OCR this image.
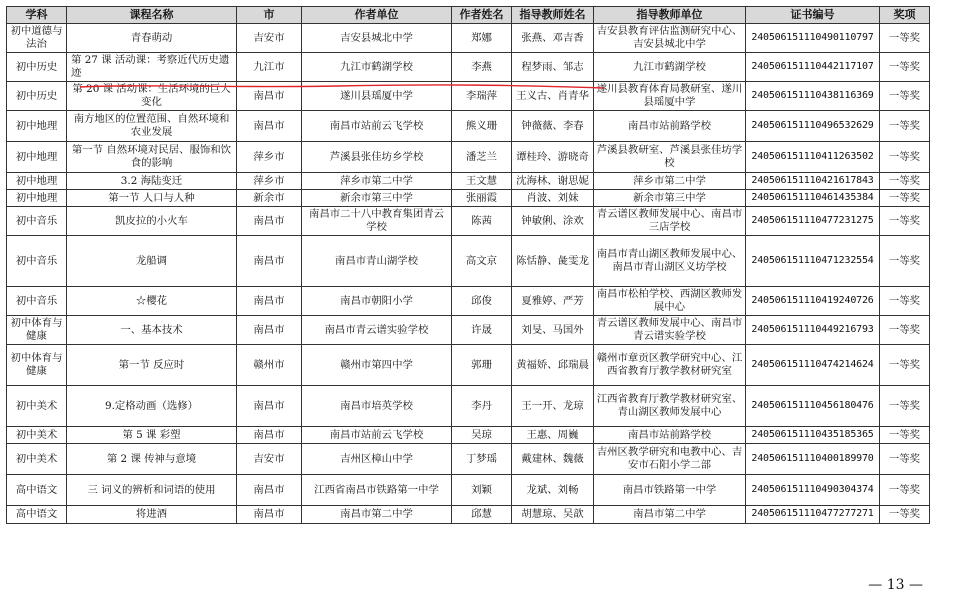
学科	课程名称	市	作者单位	作者姓名	指导教师姓名	指导教师单位	证书编号	奖项
初中道德与法治	青春萌动	吉安市	吉安县城北中学	郑娜	张燕、邓吉香	吉安县教育评估监测研究中心、吉安县城北中学	240506151110490110797	一等奖
初中历史	第 27 课 活动课：考察近代历史遗迹	九江市	九江市鹤湖学校	李燕	程梦雨、邹志	九江市鹤湖学校	240506151110442117107	一等奖
初中历史	第 20 课 活动课：生活环境的巨大变化	南昌市	遂川县瑶厦中学	李瑞萍	王义古、肖青华	遂川县教育体育局教研室、遂川县瑶厦中学	240506151110438116369	一等奖
初中地理	南方地区的位置范围、自然环境和农业发展	南昌市	南昌市站前云飞学校	熊义珊	钟薇薇、李春	南昌市站前路学校	240506151110496532629	一等奖
初中地理	第一节 自然环境对民居、服饰和饮食的影响	萍乡市	芦溪县张佳坊乡学校	潘芝兰	谭桂玲、游晓奇	芦溪县教研室、芦溪县张佳坊学校	240506151110411263502	一等奖
初中地理	3.2 海陆变迁	萍乡市	萍乡市第二中学	王文慧	沈海林、谢思妮	萍乡市第二中学	240506151110421617843	一等奖
初中地理	第一节 人口与人种	新余市	新余市第三中学	张丽霞	肖波、刘妹	新余市第三中学	240506151110461435384	一等奖
初中音乐	凯皮拉的小火车	南昌市	南昌市二十八中教育集团青云学校	陈茜	钟敏俐、涂欢	青云谱区教师发展中心、南昌市三店学校	240506151110477231275	一等奖
初中音乐	龙船调	南昌市	南昌市青山湖学校	高文京	陈恬静、彘雯龙	南昌市青山湖区教师发展中心、南昌市青山湖区义坊学校	240506151110471232554	一等奖
初中音乐	☆樱花	南昌市	南昌市朝阳小学	邱俊	夏雅婷、严芳	南昌市松柏学校、西湖区教师发展中心	240506151110419240726	一等奖
初中体育与健康	一、基本技术	南昌市	南昌市青云谱实验学校	许晟	刘旻、马国外	青云谱区教师发展中心、南昌市青云谱实验学校	240506151110449216793	一等奖
初中体育与健康	第一节 反应时	赣州市	赣州市第四中学	郭珊	黄福娇、邱瑞晨	赣州市章贡区教学研究中心、江西省教育厅教学教材研究室	240506151110474214624	一等奖
初中美术	9.定格动画（选修）	南昌市	南昌市培英学校	李丹	王一开、龙琼	江西省教育厅教学教材研究室、青山湖区教师发展中心	240506151110456180476	一等奖
初中美术	第 5 课 彩塑	南昌市	南昌市站前云飞学校	吴琼	王惠、周巍	南昌市站前路学校	240506151110435185365	一等奖
初中美术	第 2 课 传神与意境	吉安市	吉州区樟山中学	丁梦瑶	戴建林、魏薇	吉州区教学研究和电教中心、吉安市石阳小学二部	240506151110400189970	一等奖
高中语文	三 词义的辨析和词语的使用	南昌市	江西省南昌市铁路第一中学	刘颖	龙斌、刘畅	南昌市铁路第一中学	240506151110490304374	一等奖
高中语文	将进酒	南昌市	南昌市第二中学	邱慧	胡慧琼、吴歆	南昌市第二中学	240506151110477277271	一等奖
— 13 —
